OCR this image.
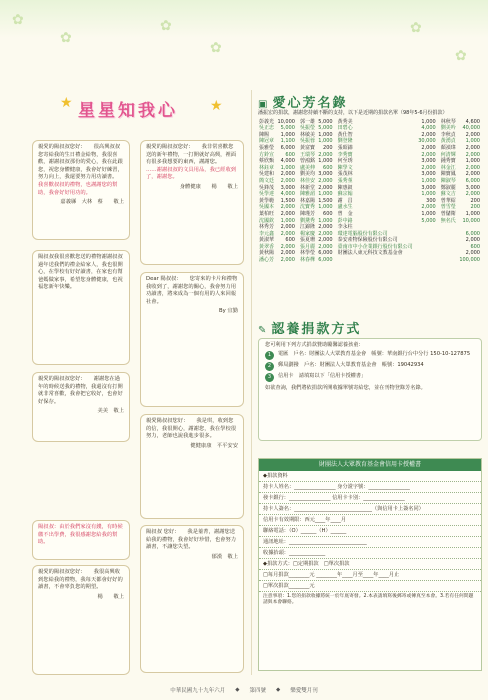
✿
✿
✿
✿
✿
✿
星星知我心
★	★

親愛的陽叔叔您好：　　很高興叔叔您寄給我的生日禮金給物，我很喜歡，謝謝叔叔那份的愛心，我在此跟您，祝您身體健康，我會好好練習，努力向上，我還要努力用功讀書。

我喜歡叔叔的禮物，也謝謝您的幫助，我會好好用功的。

嘉義縣　大林　蔡　　敬上

陽叔叔我很喜歡您送的禮物謝謝叔叔過年送我們的禮金給家人，我也很開心，在學校有好好讀書，在家也有幫爸媽做家事，希望您身體健康，也祝福您新年快樂。

親愛的陽叔叔您好：　　謝謝您在過年的時候送我的禮物，我還沒有打開就非常喜歡，我會把它收好，也會好好保存。

美美　敬上

陽叔叔：由於我們家沒有錢，有時候繳不出學費，我很感謝您給我的幫助。

親愛的陽叔叔您好：　　我很高興收到您給我的禮物，我每天都會好好的讀書，不會辜負您的期望。

楊　　敬上

親愛的陽叔叔您好：　　我非常喜歡您送的新年禮物，一打開就好高興，裡面有很多我想要的東西，謝謝您。

……謝謝叔叔的文具用品，我已經收到了，謝謝您。

身體健康　　楊　　敬上

Dear 陽叔叔：　　您寄來的卡片和禮物我收到了，謝謝您的關心，我會努力用功讀書，將來成為一個有用的人來回報社會。

By 宜勤

親愛陽叔叔您好：　　我是琪，收到您的信，我很開心，謝謝您，我在學校很努力，老師也說我進步很多。

健健康康　平平安安

陽叔叔 您好：　　我是蓁菁，謝謝您送給我的禮物，我會好好珍惜，也會努力讀書，不讓您失望。

郁漢　敬上

▣ 愛心芳名錄
潘振宏的捐款，謝謝您持續不斷的支持，以下是近期的捐款名單（98年5-6月份捐款）
彭義光	10,000	郭一雄	5,000	黃秀美	1,000	林秋琴	4,600
吳正忠	5,000	吳振瑩	5,000	田碧心	4,000	劉美吟	40,000
陳賜	1,000	林敏美	1,000	黃仕智	2,000	李秋貞	2,000
陳冠章	1,100	吳振蓉	1,000	劉登隆	30,000	黃湧貞	1,000
張雅瑩	6,000	黃富寶	200	張昭錦	2,000	顏禎瑋	2,000
方鈴宣	600	王瑞琴	2,000	李秀寶	2,000	何清輝	2,000
蔡欣甄	4,000	曾鴻銘	1,000	何至琇	3,000	鍾秀寶	1,000
林鈺章	1,000	盧美伸	600	陳學文	2,000	林金江	2,000
吳建和	2,000	劉美均	3,000	張茂林	3,000	陳寶鳳	2,000
簡文廷	2,000	林佳安	2,000	張秀堇	1,000	陳淑琴	6,000
吳鋒茂	3,000	林新堂	2,000	陳惠釵	3,000	鄭淑麗	3,000
吳學達	4,000	陳雅湄	1,000	蘇宗翰	1,000	蘇文吉	2,000
黃學範	1,500	林嘉陽	1,500	謝　昌	300	曾華紹	200
吳國本	2,000	沈寶秀	1,000	盧水生	2,000	曾雪瑩	200
葉柏旺	2,000	陳瑾芳	600	曾　金	1,000	曾儲衛	1,000
沈國欽	1,000	劉黛秀	1,000	彭中鉻	5,000	無名氏	10,000
林秀芳	2,000	江錦隆	2,000	李永柱			
李元鑫	2,000	楊家慶	2,000	環達電腦股份有限公司			6,000
黃淑華	600	張夏珊	2,000	泰安產物保險股份有限公司			2,000
黃翠香	2,000	張月麗	2,000	臺南市中小企業銀行股份有限公司			600
黃秋陽	2,000	林學瑩	6,000	財團法人東元科技文教基金會			2,000
潘心芳	2,000	林春樺	6,000				100,000
✎ 認養捐款方式
您可利用下列方式捐款贊助勵馨認養孩童：
1	電匯　戶名：財團法人大眾教育基金會　帳號：華南銀行台中分行 150-10-127875
2	郵局劃撥　戶名：財團法人大眾教育基金會　帳號：19042934
3	信用卡　請填寫以下「信用卡授權書」
如欲查詢，我們將依捐款所開收據單號寄給您，並在刊物登錄芳名錄。
財團法人大眾教育基金會信用卡授權書
◆捐款資料
持卡人姓名：________________ 身分證字號：________________
發卡銀行：________________ 信用卡卡別：________________
持卡人簽名：______________________________（與信用卡上簽名同）
信用卡有效期限：西元____年____月
聯絡電話：（O）______（H）______
通訊地址：______________________________
收據抬頭：______________
◆捐款方式：□定期捐款　□單次捐款
□每月捐款________元 ________年____月至____年____月止
□單次捐款________元
注意事項：1.您的捐款收據將統一於年底寄發。2.本表請填寫後郵寄或傳真至本會。3.若有任何問題請與本會聯絡。
中華民國九十九年六月 ◆ 第四號 ◆ 樂愛雙月刊
